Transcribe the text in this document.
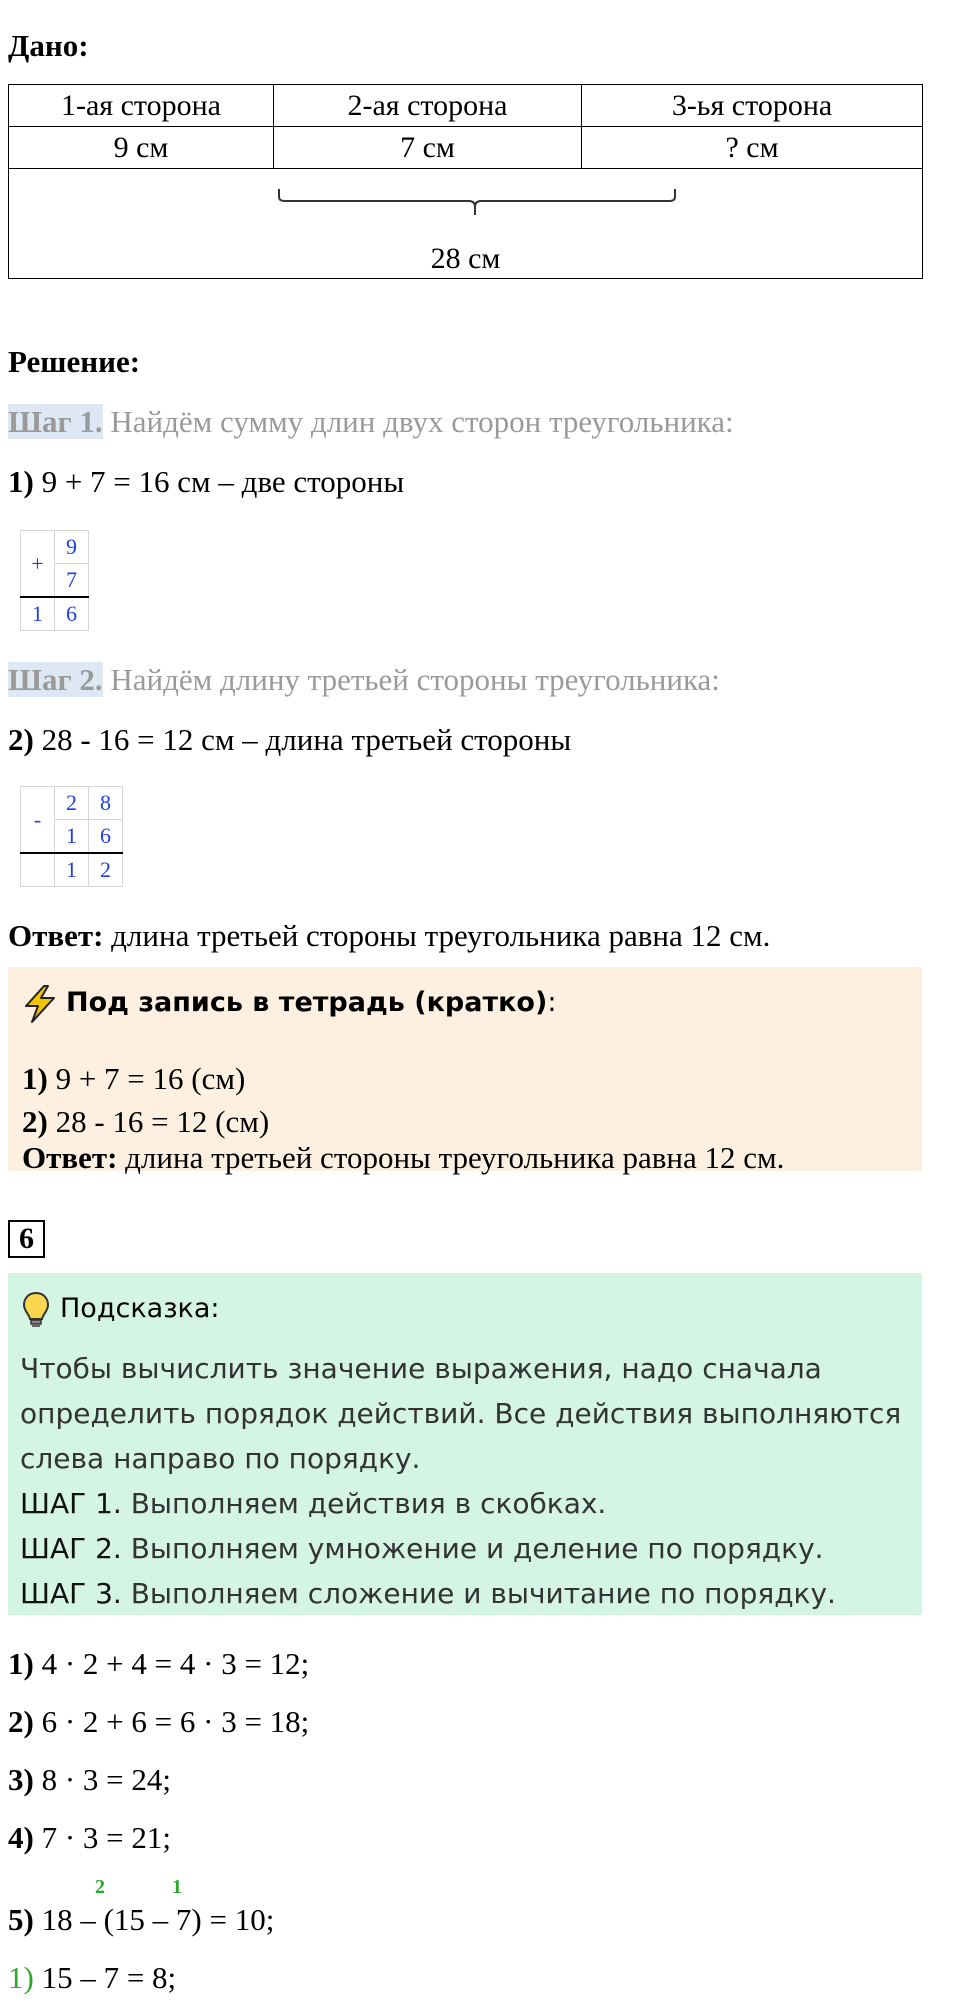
Дано:
1-ая сторона	2-ая сторона	3-ья сторона
9 см	7 см	? см

28 см		
Решение:
Шаг 1. Найдём сумму длин двух сторон треугольника:
1) 9 + 7 = 16 см – две стороны
+	9
	7
1	6
Шаг 2. Найдём длину третьей стороны треугольника:
2) 28 - 16 = 12 см – длина третьей стороны
-	2	8
	1	6
	1	2
Ответ: длина третьей стороны треугольника равна 12 см.
Под запись в тетрадь (кратко):
1) 9 + 7 = 16 (см)
2) 28 - 16 = 12 (см)
Ответ: длина третьей стороны треугольника равна 12 см.
6
Подсказка:
Чтобы вычислить значение выражения, надо сначала
определить порядок действий. Все действия выполняются
слева направо по порядку.
ШАГ 1. Выполняем действия в скобках.
ШАГ 2. Выполняем умножение и деление по порядку.
ШАГ 3. Выполняем сложение и вычитание по порядку.
1) 4 · 2 + 4 = 4 · 3 = 12;
2) 6 · 2 + 6 = 6 · 3 = 18;
3) 8 · 3 = 24;
4) 7 · 3 = 21;
2	1
5) 18 – (15 – 7) = 10;
1) 15 – 7 = 8;
